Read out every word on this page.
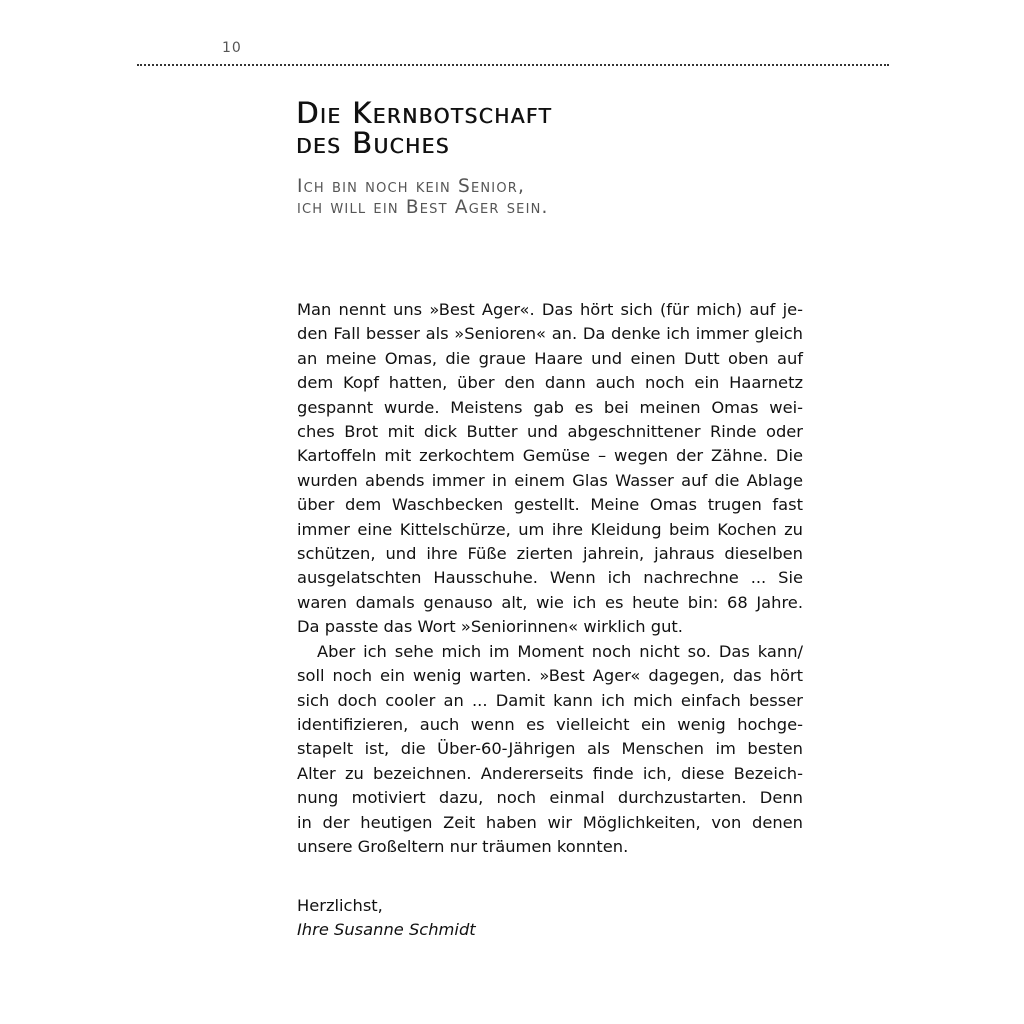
10
Die Kernbotschaft
des Buches
Ich bin noch kein Senior,
ich will ein Best Ager sein.
Man nennt uns »Best Ager«. Das hört sich (für mich) auf je-
den Fall besser als »Senioren« an. Da denke ich immer gleich
an meine Omas, die graue Haare und einen Dutt oben auf
dem Kopf hatten, über den dann auch noch ein Haarnetz
gespannt wurde. Meistens gab es bei meinen Omas wei-
ches Brot mit dick Butter und abgeschnittener Rinde oder
Kartoffeln mit zerkochtem Gemüse – wegen der Zähne. Die
wurden abends immer in einem Glas Wasser auf die Ablage
über dem Waschbecken gestellt. Meine Omas trugen fast
immer eine Kittelschürze, um ihre Kleidung beim Kochen zu
schützen, und ihre Füße zierten jahrein, jahraus dieselben
ausgelatschten Hausschuhe. Wenn ich nachrechne ... Sie
waren damals genauso alt, wie ich es heute bin: 68 Jahre.
Da passte das Wort »Seniorinnen« wirklich gut.
Aber ich sehe mich im Moment noch nicht so. Das kann/
soll noch ein wenig warten. »Best Ager« dagegen, das hört
sich doch cooler an ... Damit kann ich mich einfach besser
identifizieren, auch wenn es vielleicht ein wenig hochge-
stapelt ist, die Über-60-Jährigen als Menschen im besten
Alter zu bezeichnen. Andererseits finde ich, diese Bezeich-
nung motiviert dazu, noch einmal durchzustarten. Denn
in der heutigen Zeit haben wir Möglichkeiten, von denen
unsere Großeltern nur träumen konnten.
Herzlichst,
Ihre Susanne Schmidt
